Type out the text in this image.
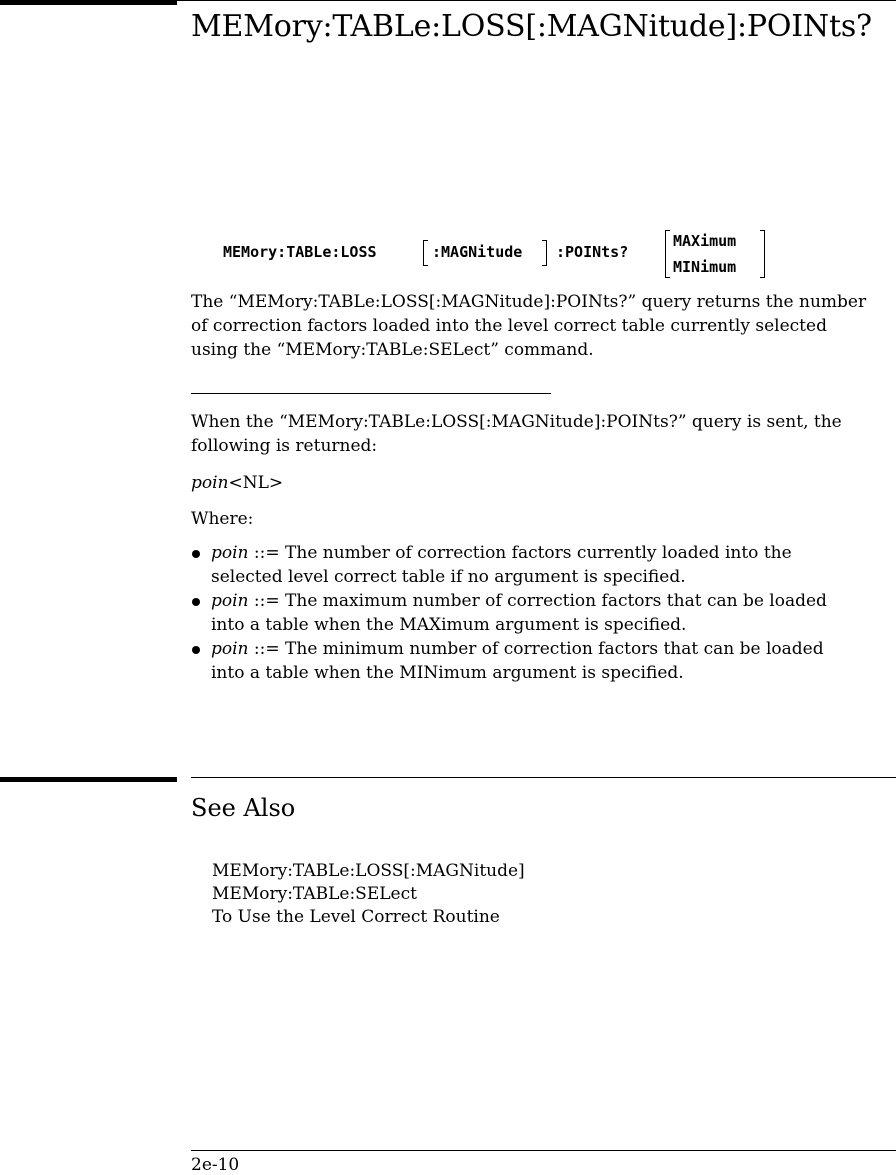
MEMory:TABLe:LOSS[:MAGNitude]:POINts?
MEMory:TABLe:LOSS	:MAGNitude :POINts?
MAXimum
MINimum
The “MEMory:TABLe:LOSS[:MAGNitude]:POINts?” query returns the number
of correction factors loaded into the level correct table currently selected
using the “MEMory:TABLe:SELect” command.
When the “MEMory:TABLe:LOSS[:MAGNitude]:POINts?” query is sent, the
following is returned:
poin<NL>
Where:
poin ::= The number of correction factors currently loaded into the
selected level correct table if no argument is specified.
poin ::= The maximum number of correction factors that can be loaded
into a table when the MAXimum argument is specified.
poin ::= The minimum number of correction factors that can be loaded
into a table when the MINimum argument is specified.
See Also
MEMory:TABLe:LOSS[:MAGNitude]
MEMory:TABLe:SELect
To Use the Level Correct Routine
2e-10
